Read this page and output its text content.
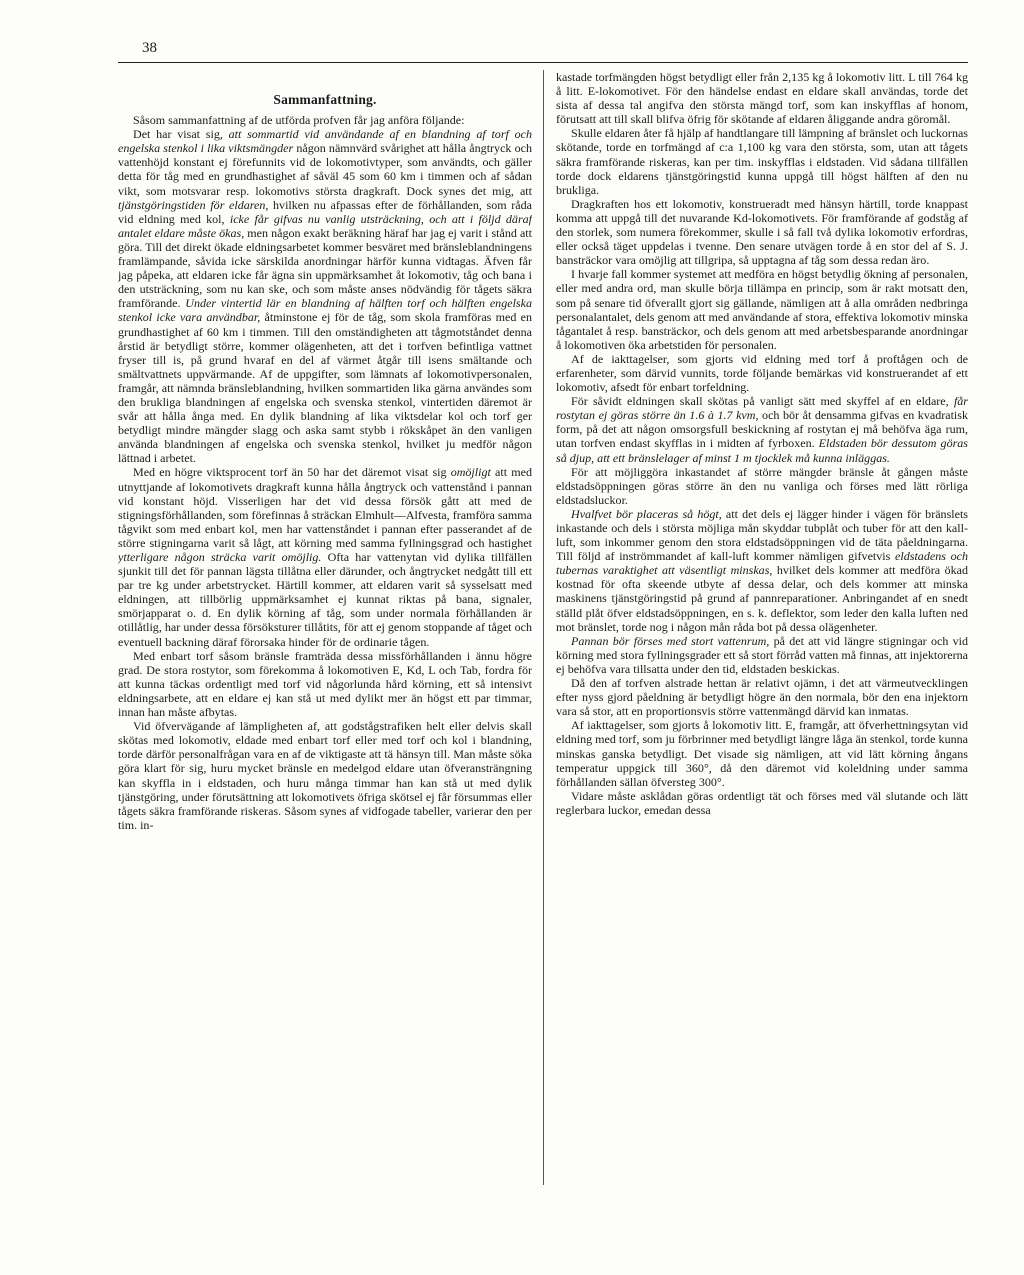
38
Sammanfattning.

Såsom sammanfattning af de utförda profven får jag anföra följande:

Det har visat sig, att sommartid vid användande af en blandning af torf och engelska stenkol i lika viktsmängder någon nämnvärd svårighet att hålla ångtryck och vattenhöjd konstant ej förefunnits vid de lokomotivtyper, som användts, och gäller detta för tåg med en grundhastighet af såväl 45 som 60 km i timmen och af sådan vikt, som motsvarar resp. lokomotivs största dragkraft. Dock synes det mig, att tjänstgöringstiden för eldaren, hvilken nu afpassas efter de förhållanden, som råda vid eldning med kol, icke får gifvas nu vanlig utsträckning, och att i följd däraf antalet eldare måste ökas, men någon exakt beräkning häraf har jag ej varit i stånd att göra. Till det direkt ökade eldningsarbetet kommer besväret med bränsleblandningens framlämpande, såvida icke särskilda anordningar härför kunna vidtagas. Äfven får jag påpeka, att eldaren icke får ägna sin uppmärksamhet åt lokomotiv, tåg och bana i den utsträckning, som nu kan ske, och som måste anses nödvändig för tågets säkra framförande. Under vintertid lär en blandning af hälften torf och hälften engelska stenkol icke vara användbar, åtminstone ej för de tåg, som skola framföras med en grundhastighet af 60 km i timmen. Till den omständigheten att tågmotståndet denna årstid är betydligt större, kommer olägenheten, att det i torfven befintliga vattnet fryser till is, på grund hvaraf en del af värmet åtgår till isens smältande och smältvattnets uppvärmande. Af de uppgifter, som lämnats af lokomotivpersonalen, framgår, att nämnda bränsleblandning, hvilken sommartiden lika gärna användes som den brukliga blandningen af engelska och svenska stenkol, vintertiden däremot är svår att hålla ånga med. En dylik blandning af lika viktsdelar kol och torf ger betydligt mindre mängder slagg och aska samt stybb i rökskåpet än den vanligen använda blandningen af engelska och svenska stenkol, hvilket ju medför någon lättnad i arbetet.

Med en högre viktsprocent torf än 50 har det däremot visat sig omöjligt att med utnyttjande af lokomotivets dragkraft kunna hålla ångtryck och vattenstånd i pannan vid konstant höjd. Visserligen har det vid dessa försök gått att med de stigningsförhållanden, som förefinnas å sträckan Elmhult—Alfvesta, framföra samma tågvikt som med enbart kol, men har vattenståndet i pannan efter passerandet af de större stigningarna varit så lågt, att körning med samma fyllningsgrad och hastighet ytterligare någon sträcka varit omöjlig. Ofta har vattenytan vid dylika tillfällen sjunkit till det för pannan lägsta tillåtna eller därunder, och ångtrycket nedgått till ett par tre kg under arbetstrycket. Härtill kommer, att eldaren varit så sysselsatt med eldningen, att tillbörlig uppmärksamhet ej kunnat riktas på bana, signaler, smörjapparat o. d. En dylik körning af tåg, som under normala förhållanden är otillåtlig, har under dessa försöksturer tillåtits, för att ej genom stoppande af tåget och eventuell backning däraf förorsaka hinder för de ordinarie tågen.

Med enbart torf såsom bränsle framträda dessa missförhållanden i ännu högre grad. De stora rostytor, som förekomma å lokomotiven E, Kd, L och Tab, fordra för att kunna täckas ordentligt med torf vid någorlunda hård körning, ett så intensivt eldningsarbete, att en eldare ej kan stå ut med dylikt mer än högst ett par timmar, innan han måste afbytas.

Vid öfvervägande af lämpligheten af, att godstågstrafiken helt eller delvis skall skötas med lokomotiv, eldade med enbart torf eller med torf och kol i blandning, torde därför personalfrågan vara en af de viktigaste att tä hänsyn till. Man måste söka göra klart för sig, huru mycket bränsle en medelgod eldare utan öfveransträngning kan skyffla in i eldstaden, och huru många timmar han kan stå ut med dylik tjänstgöring, under förutsättning att lokomotivets öfriga skötsel ej får försummas eller tågets säkra framförande riskeras. Såsom synes af vidfogade tabeller, varierar den per tim. in-

kastade torfmängden högst betydligt eller från 2,135 kg å lokomotiv litt. L till 764 kg å litt. E-lokomotivet. För den händelse endast en eldare skall användas, torde det sista af dessa tal angifva den största mängd torf, som kan inskyfflas af honom, förutsatt att till skall blifva öfrig för skötande af eldaren åliggande andra göromål.

Skulle eldaren åter få hjälp af handtlangare till lämpning af bränslet och luckornas skötande, torde en torfmängd af c:a 1,100 kg vara den största, som, utan att tågets säkra framförande riskeras, kan per tim. inskyfflas i eldstaden. Vid sådana tillfällen torde dock eldarens tjänstgöringstid kunna uppgå till högst hälften af den nu brukliga.

Dragkraften hos ett lokomotiv, konstrueradt med hänsyn härtill, torde knappast komma att uppgå till det nuvarande Kd-lokomotivets. För framförande af godståg af den storlek, som numera förekommer, skulle i så fall två dylika lokomotiv erfordras, eller också täget uppdelas i tvenne. Den senare utvägen torde å en stor del af S. J. bansträckor vara omöjlig att tillgripa, så upptagna af tåg som dessa redan äro.

I hvarje fall kommer systemet att medföra en högst betydlig ökning af personalen, eller med andra ord, man skulle börja tillämpa en princip, som är rakt motsatt den, som på senare tid öfverallt gjort sig gällande, nämligen att å alla områden nedbringa personalantalet, dels genom att med användande af stora, effektiva lokomotiv minska tågantalet å resp. bansträckor, och dels genom att med arbetsbesparande anordningar å lokomotiven öka arbetstiden för personalen.

Af de iakttagelser, som gjorts vid eldning med torf å proftågen och de erfarenheter, som därvid vunnits, torde följande bemärkas vid konstruerandet af ett lokomotiv, afsedt för enbart torfeldning.

För såvidt eldningen skall skötas på vanligt sätt med skyffel af en eldare, får rostytan ej göras större än 1.6 à 1.7 kvm, och bör åt densamma gifvas en kvadratisk form, på det att någon omsorgsfull beskickning af rostytan ej må behöfva äga rum, utan torfven endast skyfflas in i midten af fyrboxen. Eldstaden bör dessutom göras så djup, att ett bränslelager af minst 1 m tjocklek må kunna inläggas.

För att möjliggöra inkastandet af större mängder bränsle åt gången måste eldstadsöppningen göras större än den nu vanliga och förses med lätt rörliga eldstadsluckor.

Hvalfvet bör placeras så högt, att det dels ej lägger hinder i vägen för bränslets inkastande och dels i största möjliga mån skyddar tubplåt och tuber för att den kall-luft, som inkommer genom den stora eldstadsöppningen vid de täta påeldningarna. Till följd af inströmmandet af kall-luft kommer nämligen gifvetvis eldstadens och tubernas varaktighet att väsentligt minskas, hvilket dels kommer att medföra ökad kostnad för ofta skeende utbyte af dessa delar, och dels kommer att minska maskinens tjänstgöringstid på grund af pannreparationer. Anbringandet af en snedt ställd plåt öfver eldstadsöppningen, en s. k. deflektor, som leder den kalla luften ned mot bränslet, torde nog i någon mån råda bot på dessa olägenheter.

Pannan bör förses med stort vattenrum, på det att vid längre stigningar och vid körning med stora fyllningsgrader ett så stort förråd vatten må finnas, att injektorerna ej behöfva vara tillsatta under den tid, eldstaden beskickas.

Då den af torfven alstrade hettan är relativt ojämn, i det att värmeutvecklingen efter nyss gjord påeldning är betydligt högre än den normala, bör den ena injektorn vara så stor, att en proportionsvis större vattenmängd därvid kan inmatas.

Af iakttagelser, som gjorts å lokomotiv litt. E, framgår, att öfverhettningsytan vid eldning med torf, som ju förbrinner med betydligt längre låga än stenkol, torde kunna minskas ganska betydligt. Det visade sig nämligen, att vid lätt körning ångans temperatur uppgick till 360°, då den däremot vid koleldning under samma förhållanden sällan öfversteg 300°.

Vidare måste asklådan göras ordentligt tät och förses med väl slutande och lätt reglerbara luckor, emedan dessa
